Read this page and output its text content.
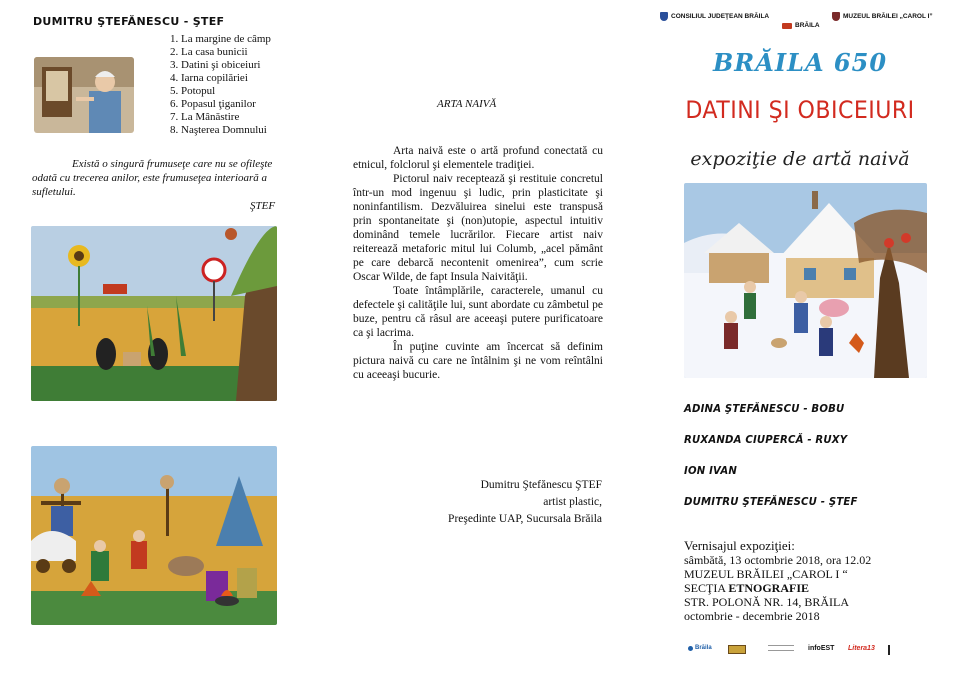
DUMITRU ŞTEFĂNESCU - ŞTEF
1. La margine de câmp
2. La casa bunicii
3. Datini şi obiceiuri
4. Iarna copilăriei
5. Potopul
6. Popasul ţiganilor
7. La Mânăstire
8. Naşterea Domnului
Există o singură frumuseţe care nu se ofileşte odată cu trecerea anilor, este frumuseţea interioară a sufletului.
ŞTEF
ARTA NAIVĂ

Arta naivă este o artă profund conectată cu etnicul, folclorul şi elementele tradiţiei.

Pictorul naiv recepteazǎ şi restituie concretul într-un mod ingenuu şi ludic, prin plasticitate şi noninfantilism. Dezvăluirea sinelui este transpusǎ prin spontaneitate şi (non)utopie, aspectul intuitiv dominând temele lucrărilor. Fiecare artist naiv reiterează metaforic mitul lui Columb, „acel pământ pe care debarcă necontenit omenirea”, cum scrie Oscar Wilde, de fapt Insula Naivităţii.

Toate întâmplările, caracterele, umanul cu defectele şi calităţile lui, sunt abordate cu zâmbetul pe buze, pentru că râsul are aceeaşi putere purificatoare ca şi lacrima.

În puţine cuvinte am încercat să definim pictura naivă cu care ne întâlnim şi ne vom reîntâlni cu aceeaşi bucurie.

Dumitru Ştefănescu ŞTEF
artist plastic,
Preşedinte UAP, Sucursala Brăila
CONSILIUL JUDEŢEAN BRĂILA
BRĂILA
MUZEUL BRĂILEI „CAROL I”
BRĂILA 650
DATINI ŞI OBICEIURI
expoziţie de artă naivă
ADINA ŞTEFĂNESCU - BOBU
RUXANDA CIUPERCĂ - RUXY
ION IVAN
DUMITRU ŞTEFĂNESCU - ŞTEF
Vernisajul expoziţiei:
sâmbătă, 13 octombrie 2018, ora 12.02
MUZEUL BRĂILEI „CAROL I “
SECŢIA ETNOGRAFIE
STR. POLONĂ NR. 14, BRĂILA
octombrie - decembrie 2018
Brăila	infoEST Litera13
